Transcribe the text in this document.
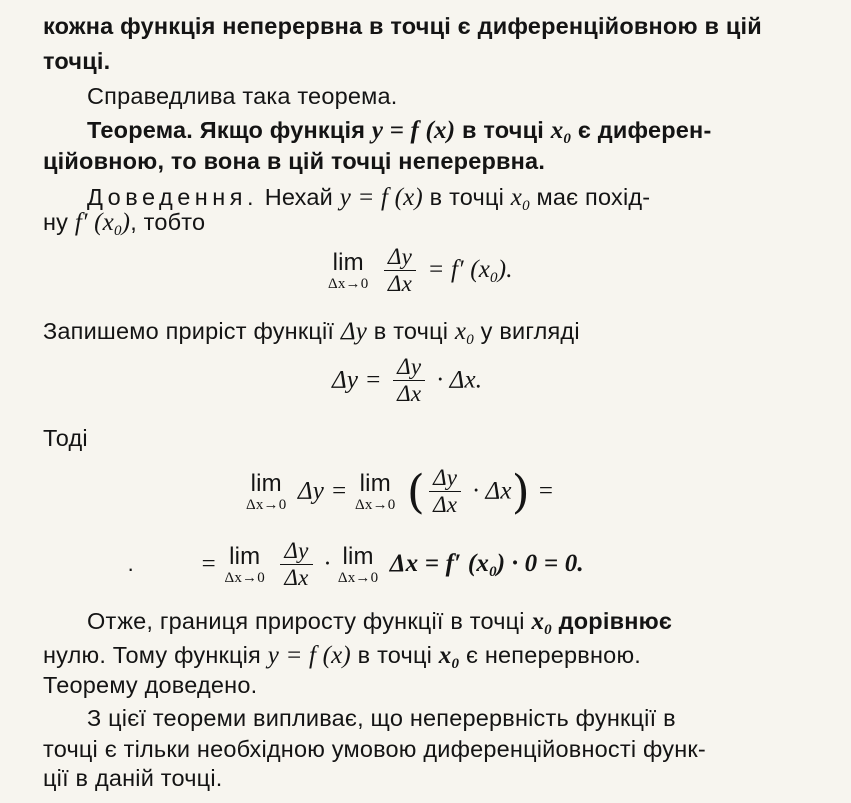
кожна функція неперервна в точці є диференційовною в цій
точці.
Справедлива така теорема.
Теорема. Якщо функція y = f (x) в точці $x_0$ є диферен-
ційовною, то вона в цій точці неперервна.
Доведення. Нехай y = f (x) в точці $x_0$ має похід-
ну f′ $(x_0)$, тобто
lim
Δx→0
$\frac{\Delta y}{\Delta x} = f'$ $(x_0)$.
Запишемо приріст функції Δy в точці $x_0$ у вигляді
$\Delta y = \frac{\Delta y}{\Delta x} \cdot \Delta x$.
Тоді
lim
Δx→0
Δy = lim
Δx→0 ( $\frac{\Delta y}{\Delta x} \cdot \Delta x$) =
·	= lim
Δx→0
$\frac{\Delta y}{\Delta x} \cdot \lim$
Δx→0
Δx = f′ $(x_0) \cdot 0 = 0$.
Отже, границя приросту функції в точці $x_0$ дорівнює
нулю. Тому функція y = f (x) в точці $x_0$ є неперервною.
Теорему доведено.
З цієї теореми випливає, що неперервність функції в
точці є тільки необхідною умовою диференційовності функ-
ції в даній точці.
